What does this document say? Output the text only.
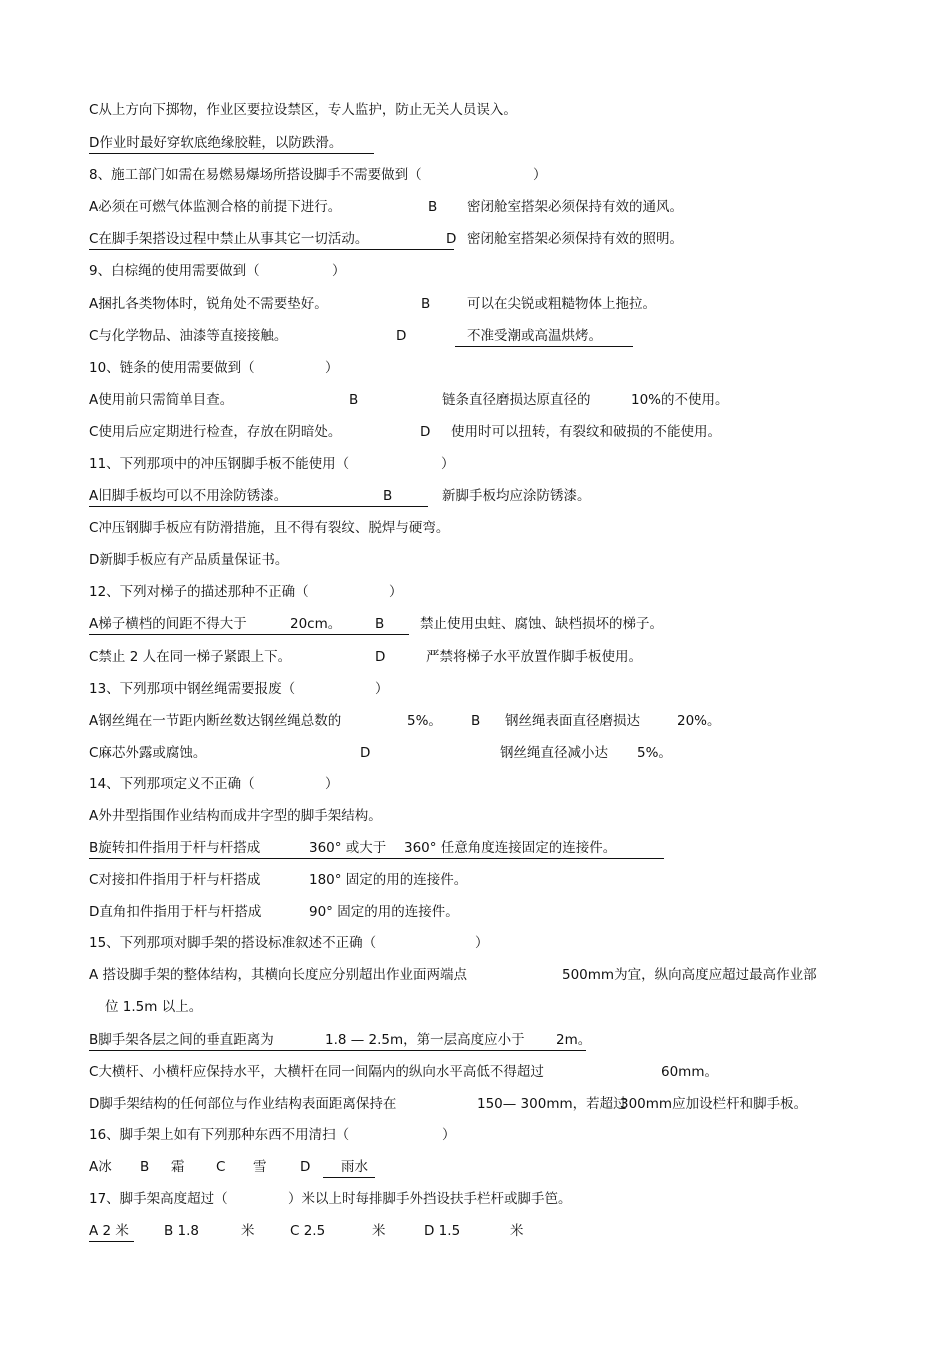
C从上方向下掷物，作业区要拉设禁区，专人监护，防止无关人员误入。
D作业时最好穿软底绝缘胶鞋，以防跌滑。
8、施工部门如需在易燃易爆场所搭设脚手不需要做到（	）
A必须在可燃气体监测合格的前提下进行。	B 密闭舱室搭架必须保持有效的通风。
C在脚手架搭设过程中禁止从事其它一切活动。	D 密闭舱室搭架必须保持有效的照明。
9、白棕绳的使用需要做到（	）
A捆扎各类物体时，锐角处不需要垫好。	B	可以在尖锐或粗糙物体上拖拉。
C与化学物品、油漆等直接接触。	D	不准受潮或高温烘烤。
10、链条的使用需要做到（	）
A使用前只需简单目查。	B	链条直径磨损达原直径的	10%的不使用。
C使用后应定期进行检查，存放在阴暗处。	D 使用时可以扭转，有裂纹和破损的不能使用。
11、下列那项中的冲压钢脚手板不能使用（	）
A旧脚手板均可以不用涂防锈漆。	B	新脚手板均应涂防锈漆。
C冲压钢脚手板应有防滑措施，且不得有裂纹、脱焊与硬弯。
D新脚手板应有产品质量保证书。
12、下列对梯子的描述那种不正确（	）
A梯子横档的间距不得大于	20cm。 B	禁止使用虫蛀、腐蚀、缺档损坏的梯子。
C禁止 2 人在同一梯子紧跟上下。	D	严禁将梯子水平放置作脚手板使用。
13、下列那项中钢丝绳需要报废（	）
A钢丝绳在一节距内断丝数达钢丝绳总数的	5%。 B 钢丝绳表面直径磨损达	20%。
C麻芯外露或腐蚀。	D	钢丝绳直径减小达 5%。
14、下列那项定义不正确（	）
A外井型指围作业结构而成井字型的脚手架结构。
B旋转扣件指用于杆与杆搭成	360° 或大于 360° 任意角度连接固定的连接件。
C对接扣件指用于杆与杆搭成	180° 固定的用的连接件。
D直角扣件指用于杆与杆搭成	90° 固定的用的连接件。
15、下列那项对脚手架的搭设标准叙述不正确（	）
A 搭设脚手架的整体结构，其横向长度应分别超出作业面两端点	500mm为宜，纵向高度应超过最高作业部
位 1.5m 以上。
B脚手架各层之间的垂直距离为	1.8 — 2.5m，第一层高度应小于 2m。
C大横杆、小横杆应保持水平，大横杆在同一间隔内的纵向水平高低不得超过	60mm。
D脚手架结构的任何部位与作业结构表面距离保持在	150— 300mm，若超过
300mm应加设栏杆和脚手板。
16、脚手架上如有下列那种东西不用清扫（	）
A冰 B 霜 C 雪 D	雨水
17、脚手架高度超过（	）米以上时每排脚手外挡设扶手栏杆或脚手笆。
A 2 米	B 1.8	米	C 2.5	米	D 1.5	米
